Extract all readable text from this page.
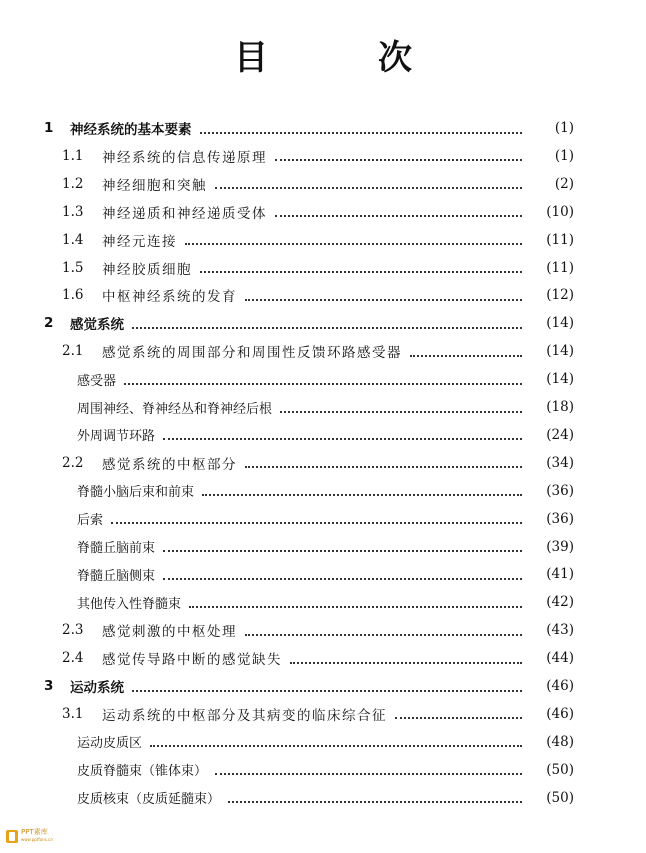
目　次
1	神经系统的基本要素	(1)
1.1	神经系统的信息传递原理	(1)
1.2	神经细胞和突触	(2)
1.3	神经递质和神经递质受体	(10)
1.4	神经元连接	(11)
1.5	神经胶质细胞	(11)
1.6	中枢神经系统的发育	(12)
2	感觉系统	(14)
2.1	感觉系统的周围部分和周围性反馈环路感受器	(14)
感受器	(14)
周围神经、脊神经丛和脊神经后根	(18)
外周调节环路	(24)
2.2	感觉系统的中枢部分	(34)
脊髓小脑后束和前束	(36)
后索	(36)
脊髓丘脑前束	(39)
脊髓丘脑侧束	(41)
其他传入性脊髓束	(42)
2.3	感觉刺激的中枢处理	(43)
2.4	感觉传导路中断的感觉缺失	(44)
3	运动系统	(46)
3.1	运动系统的中枢部分及其病变的临床综合征	(46)
运动皮质区	(48)
皮质脊髓束（锥体束）	(50)
皮质核束（皮质延髓束）	(50)
PPT素库
www.pptfans.cn
